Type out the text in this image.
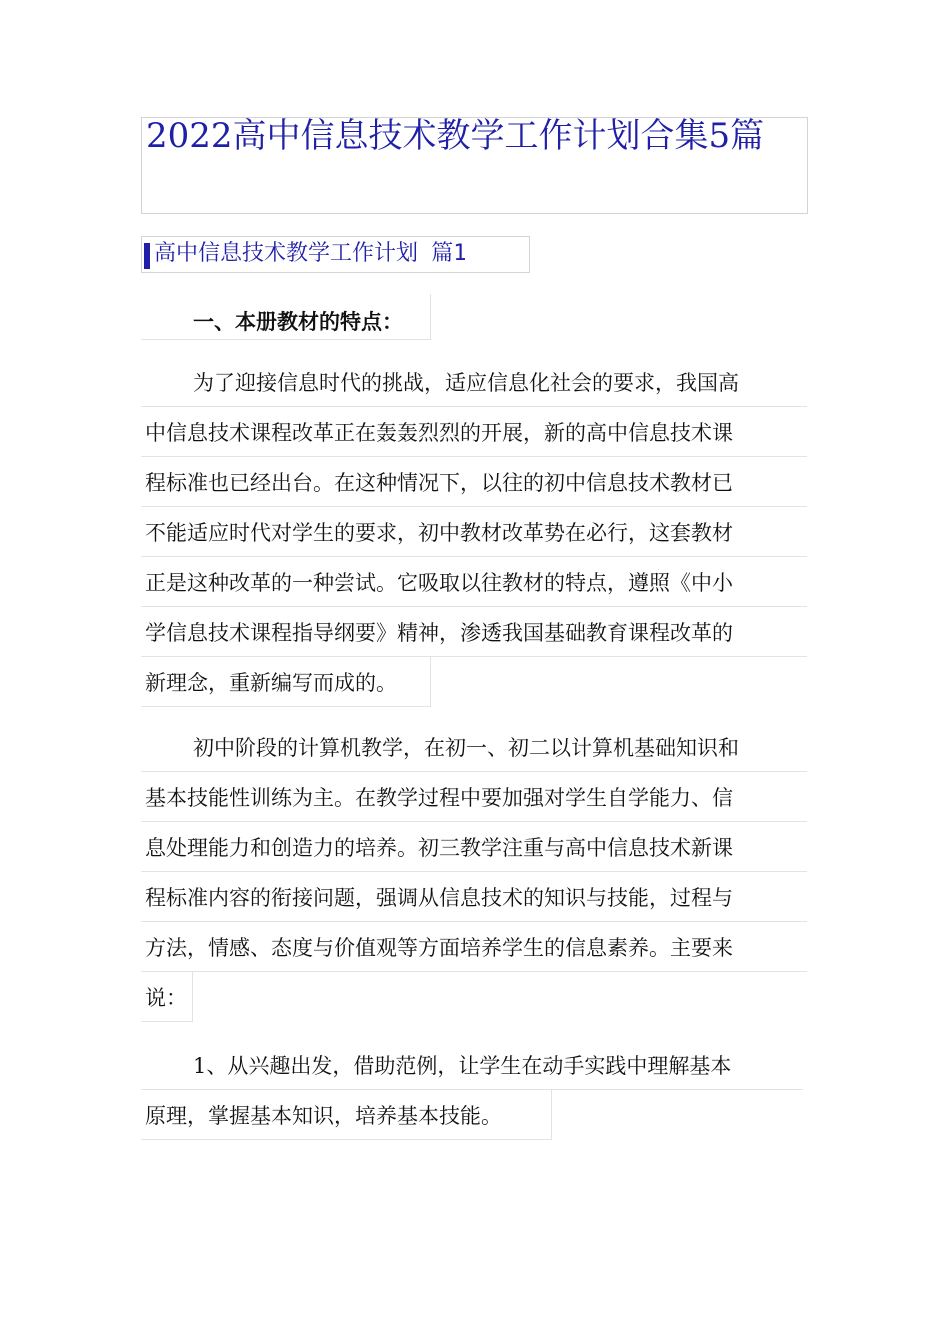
2022高中信息技术教学工作计划合集5篇
高中信息技术教学工作计划 篇1
一、本册教材的特点：
为了迎接信息时代的挑战，适应信息化社会的要求，我国高
中信息技术课程改革正在轰轰烈烈的开展，新的高中信息技术课
程标准也已经出台。在这种情况下，以往的初中信息技术教材已
不能适应时代对学生的要求，初中教材改革势在必行，这套教材
正是这种改革的一种尝试。它吸取以往教材的特点，遵照《中小
学信息技术课程指导纲要》精神，渗透我国基础教育课程改革的
新理念，重新编写而成的。
初中阶段的计算机教学，在初一、初二以计算机基础知识和
基本技能性训练为主。在教学过程中要加强对学生自学能力、信
息处理能力和创造力的培养。初三教学注重与高中信息技术新课
程标准内容的衔接问题，强调从信息技术的知识与技能，过程与
方法，情感、态度与价值观等方面培养学生的信息素养。主要来
说：
1、从兴趣出发，借助范例，让学生在动手实践中理解基本
原理，掌握基本知识，培养基本技能。
